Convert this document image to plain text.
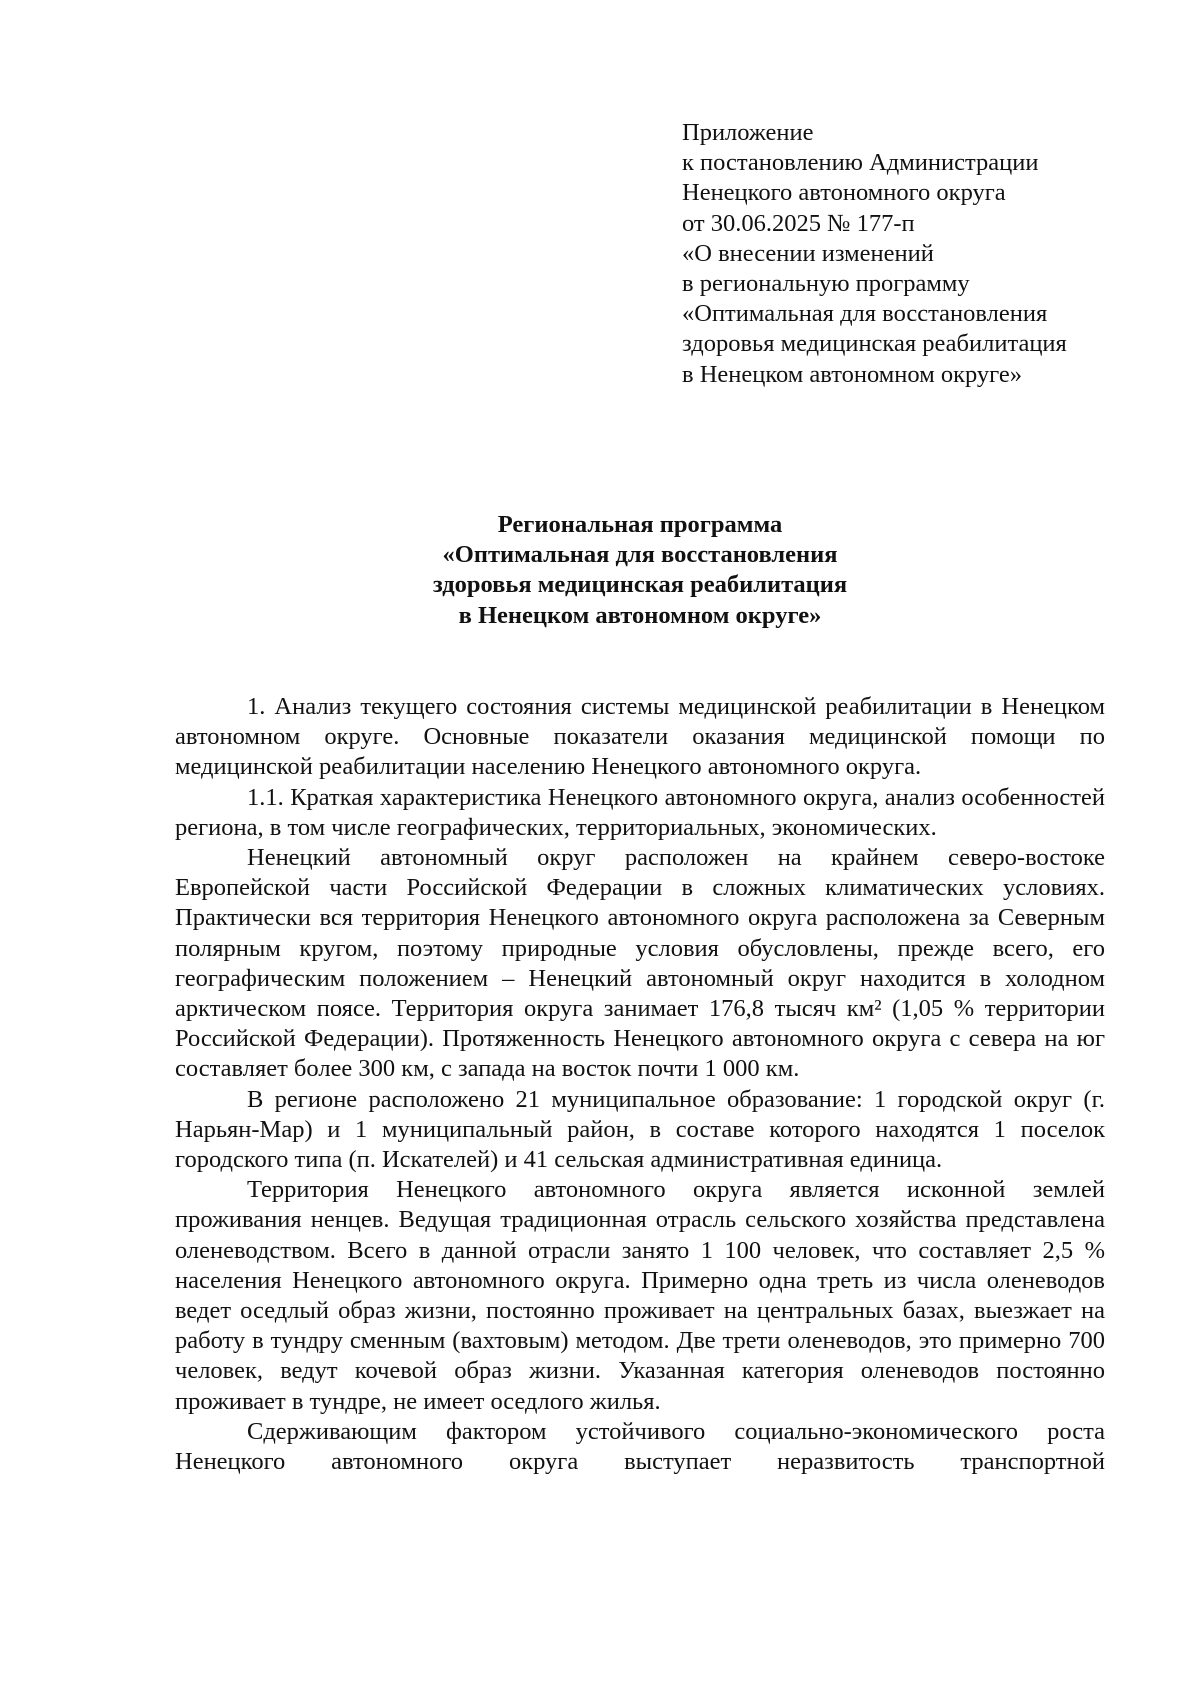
Приложение
к постановлению Администрации
Ненецкого автономного округа
от 30.06.2025 № 177-п
«О внесении изменений
в региональную программу
«Оптимальная для восстановления
здоровья медицинская реабилитация
в Ненецком автономном округе»
Региональная программа
«Оптимальная для восстановления
здоровья медицинская реабилитация
в Ненецком автономном округе»

1. Анализ текущего состояния системы медицинской реабилитации в Ненецком автономном округе. Основные показатели оказания медицинской помощи по медицинской реабилитации населению Ненецкого автономного округа.

1.1. Краткая характеристика Ненецкого автономного округа, анализ особенностей региона, в том числе географических, территориальных, экономических.

Ненецкий автономный округ расположен на крайнем северо-востоке Европейской части Российской Федерации в сложных климатических условиях. Практически вся территория Ненецкого автономного округа расположена за Северным полярным кругом, поэтому природные условия обусловлены, прежде всего, его географическим положением – Ненецкий автономный округ находится в холодном арктическом поясе. Территория округа занимает 176,8 тысяч км² (1,05 % территории Российской Федерации). Протяженность Ненецкого автономного округа с севера на юг составляет более 300 км, с запада на восток почти 1 000 км.

В регионе расположено 21 муниципальное образование: 1 городской округ (г. Нарьян-Мар) и 1 муниципальный район, в составе которого находятся 1 поселок городского типа (п. Искателей) и 41 сельская административная единица.

Территория Ненецкого автономного округа является исконной землей проживания ненцев. Ведущая традиционная отрасль сельского хозяйства представлена оленеводством. Всего в данной отрасли занято 1 100 человек, что составляет 2,5 % населения Ненецкого автономного округа. Примерно одна треть из числа оленеводов ведет оседлый образ жизни, постоянно проживает на центральных базах, выезжает на работу в тундру сменным (вахтовым) методом. Две трети оленеводов, это примерно 700 человек, ведут кочевой образ жизни. Указанная категория оленеводов постоянно проживает в тундре, не имеет оседлого жилья.

Сдерживающим фактором устойчивого социально-экономического роста Ненецкого автономного округа выступает неразвитость транспортной
